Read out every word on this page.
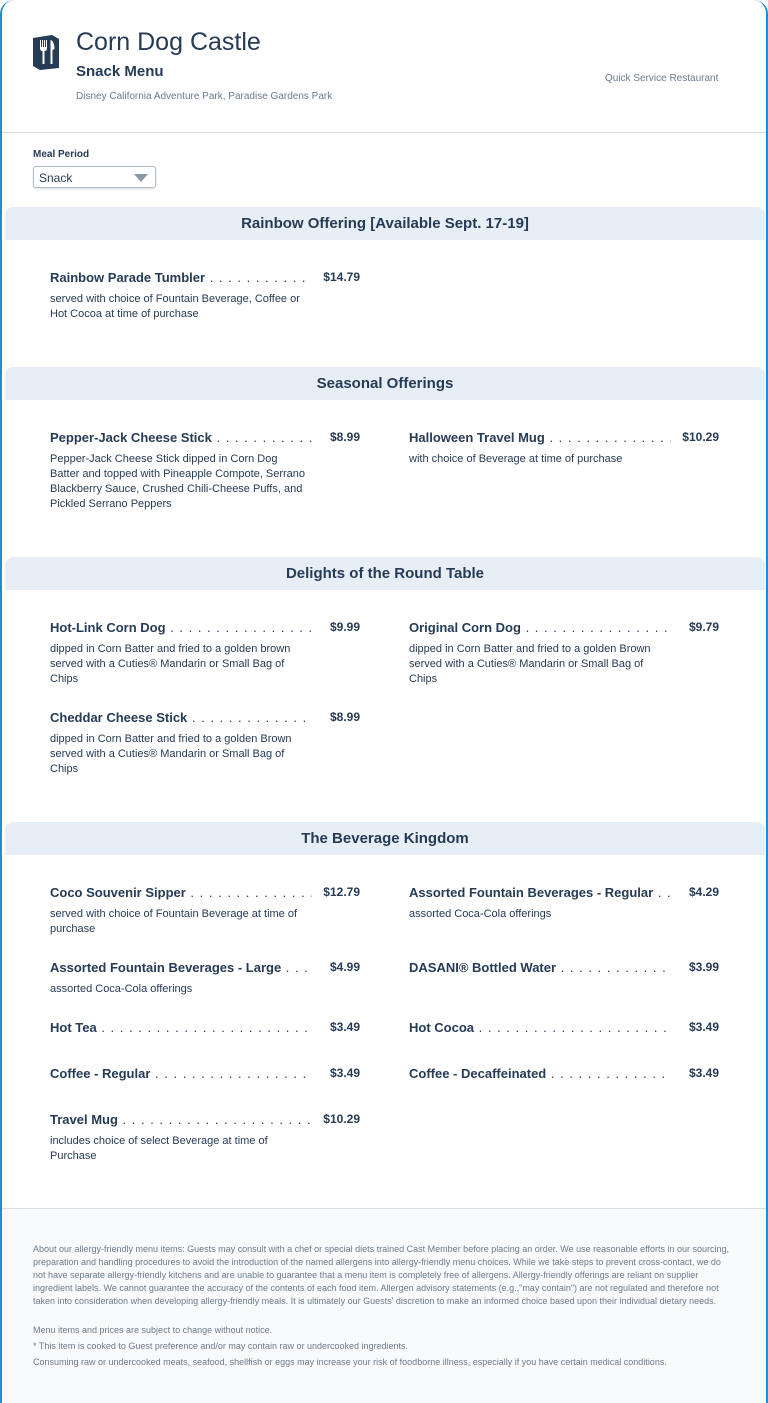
Corn Dog Castle
Snack Menu
Disney California Adventure Park, Paradise Gardens Park
Quick Service Restaurant
Meal Period
Snack
Rainbow Offering [Available Sept. 17-19]
Rainbow Parade Tumbler . . .	$14.79
served with choice of Fountain Beverage, Coffee or Hot Cocoa at time of purchase
Seasonal Offerings
Pepper-Jack Cheese Stick . . .	$8.99
Pepper-Jack Cheese Stick dipped in Corn Dog Batter and topped with Pineapple Compote, Serrano Blackberry Sauce, Crushed Chili-Cheese Puffs, and Pickled Serrano Peppers
Halloween Travel Mug . . .	$10.29
with choice of Beverage at time of purchase
Delights of the Round Table
Hot-Link Corn Dog . . .	$9.99
dipped in Corn Batter and fried to a golden brown served with a Cuties® Mandarin or Small Bag of Chips
Original Corn Dog . . .	$9.79
dipped in Corn Batter and fried to a golden Brown served with a Cuties® Mandarin or Small Bag of Chips
Cheddar Cheese Stick . . .	$8.99
dipped in Corn Batter and fried to a golden Brown served with a Cuties® Mandarin or Small Bag of Chips
The Beverage Kingdom
Coco Souvenir Sipper . . .	$12.79
served with choice of Fountain Beverage at time of purchase
Assorted Fountain Beverages - Regular . . .	$4.29
assorted Coca-Cola offerings
Assorted Fountain Beverages - Large . . .	$4.99
assorted Coca-Cola offerings
DASANI® Bottled Water . . .	$3.99
Hot Tea . . .	$3.49	Hot Cocoa . . .	$3.49
Coffee - Regular . . .	$3.49	Coffee - Decaffeinated . . .	$3.49
Travel Mug . . .	$10.29
includes choice of select Beverage at time of Purchase

About our allergy-friendly menu items: Guests may consult with a chef or special diets trained Cast Member before placing an order. We use reasonable efforts in our sourcing, preparation and handling procedures to avoid the introduction of the named allergens into allergy-friendly menu choices. While we take steps to prevent cross-contact, we do not have separate allergy-friendly kitchens and are unable to guarantee that a menu item is completely free of allergens. Allergy-friendly offerings are reliant on supplier ingredient labels. We cannot guarantee the accuracy of the contents of each food item. Allergen advisory statements (e.g.,"may contain") are not regulated and therefore not taken into consideration when developing allergy-friendly meals. It is ultimately our Guests' discretion to make an informed choice based upon their individual dietary needs.

Menu items and prices are subject to change without notice.

* This item is cooked to Guest preference and/or may contain raw or undercooked ingredients.

Consuming raw or undercooked meats, seafood, shellfish or eggs may increase your risk of foodborne illness, especially if you have certain medical conditions.
